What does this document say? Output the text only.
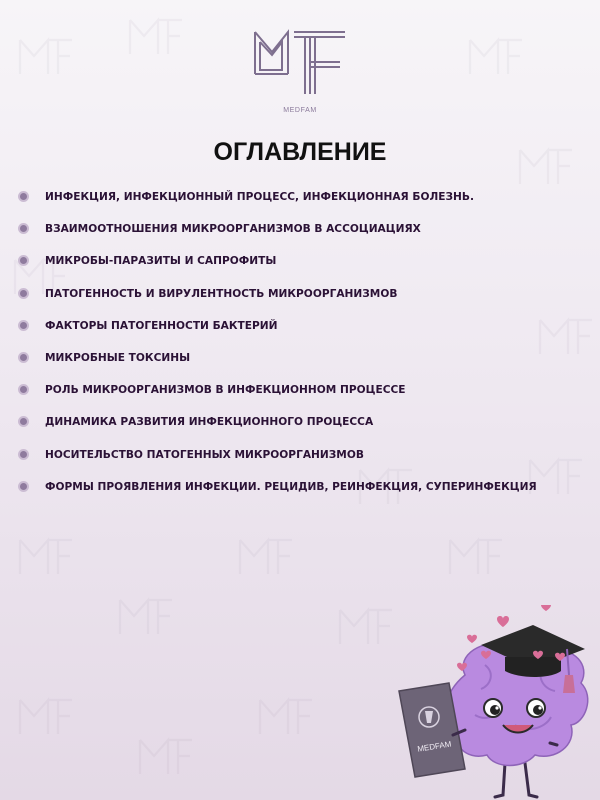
MEDFAM
ОГЛАВЛЕНИЕ
ИНФЕКЦИЯ, ИНФЕКЦИОННЫЙ ПРОЦЕСС, ИНФЕКЦИОННАЯ БОЛЕЗНЬ.
ВЗАИМООТНОШЕНИЯ МИКРООРГАНИЗМОВ В АССОЦИАЦИЯХ
МИКРОБЫ-ПАРАЗИТЫ И САПРОФИТЫ
ПАТОГЕННОСТЬ И ВИРУЛЕНТНОСТЬ МИКРООРГАНИЗМОВ
ФАКТОРЫ ПАТОГЕННОСТИ БАКТЕРИЙ
МИКРОБНЫЕ ТОКСИНЫ
РОЛЬ МИКРООРГАНИЗМОВ В ИНФЕКЦИОННОМ ПРОЦЕССЕ
ДИНАМИКА РАЗВИТИЯ ИНФЕКЦИОННОГО ПРОЦЕССА
НОСИТЕЛЬСТВО ПАТОГЕННЫХ МИКРООРГАНИЗМОВ
ФОРМЫ ПРОЯВЛЕНИЯ ИНФЕКЦИИ. РЕЦИДИВ, РЕИНФЕКЦИЯ, СУПЕРИНФЕКЦИЯ
MEDFAM
